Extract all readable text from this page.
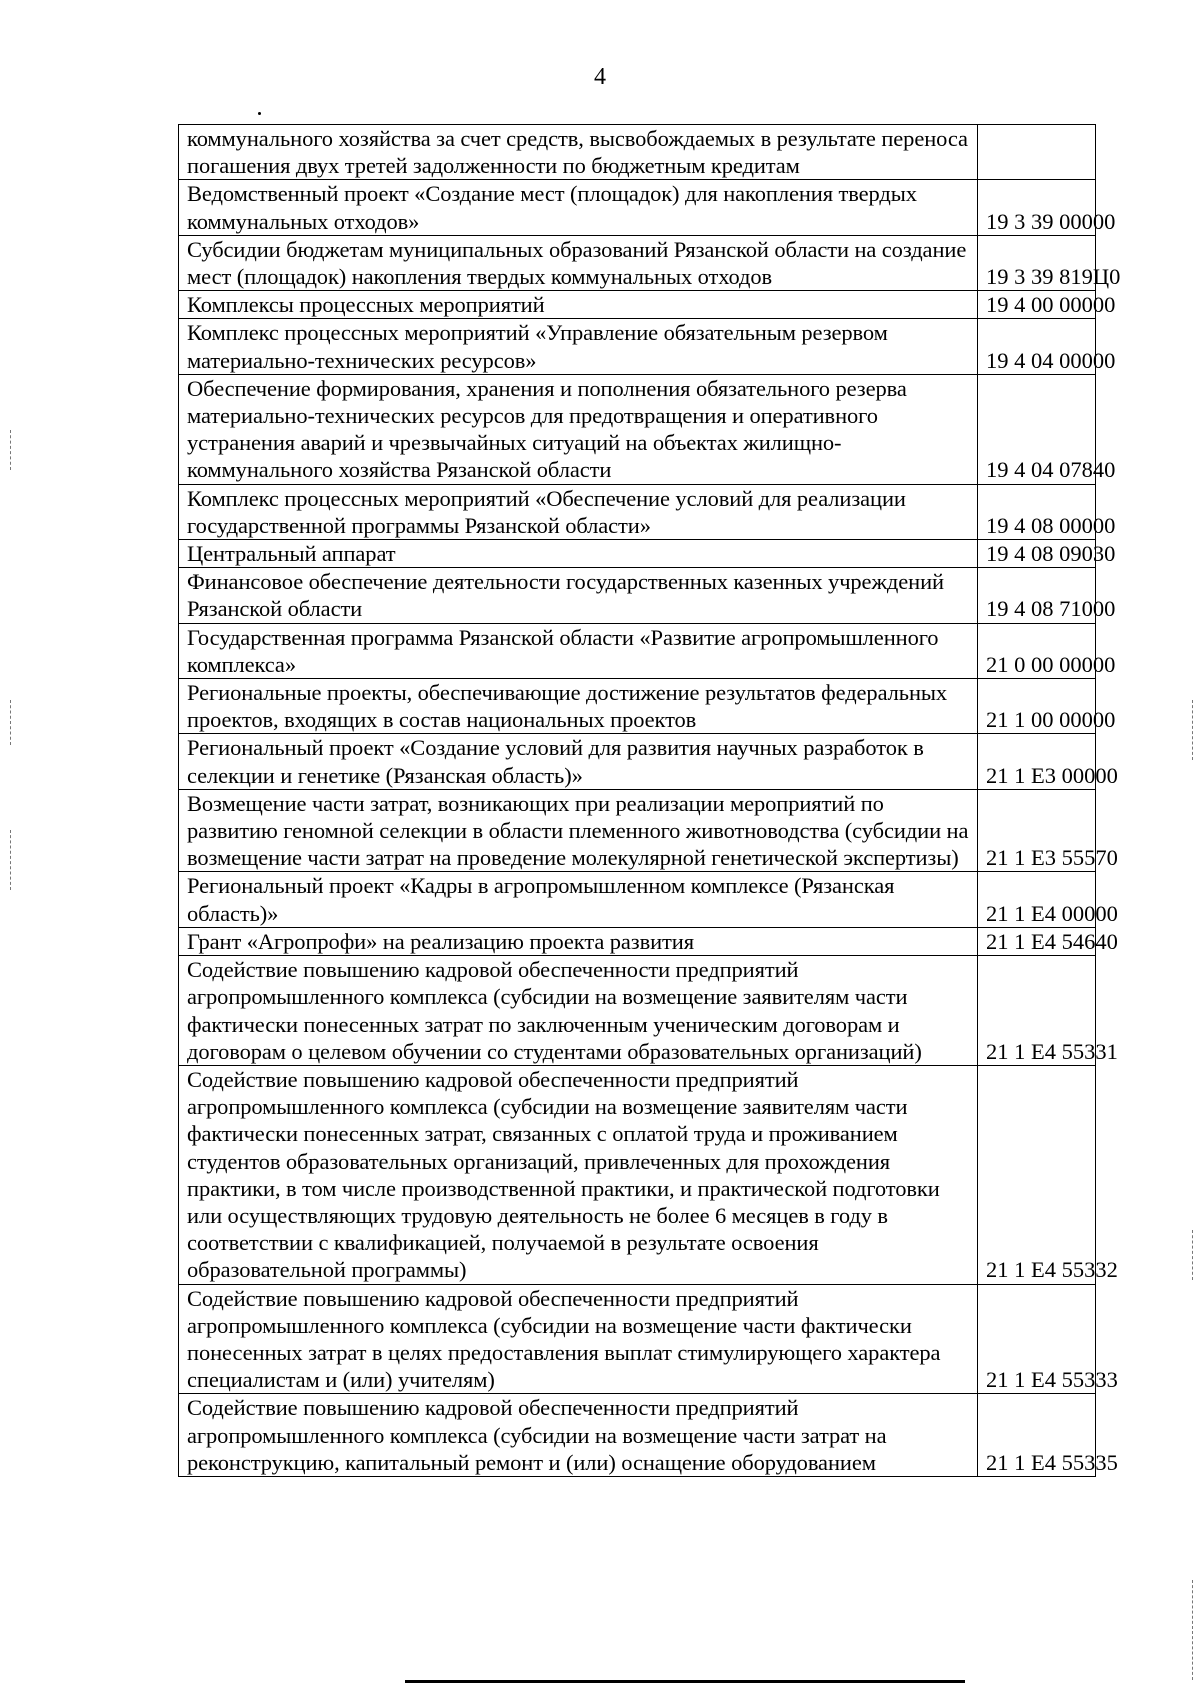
4
коммунального хозяйства за счет средств, высвобождаемых в результате переноса погашения двух третей задолженности по бюджетным кредитам	
Ведомственный проект «Создание мест (площадок) для накопления твердых коммунальных отходов»	19 3 39 00000
Субсидии бюджетам муниципальных образований Рязанской области на создание мест (площадок) накопления твердых коммунальных отходов	19 3 39 819Ц0
Комплексы процессных мероприятий	19 4 00 00000
Комплекс процессных мероприятий «Управление обязательным резервом материально-технических ресурсов»	19 4 04 00000
Обеспечение формирования, хранения и пополнения обязательного резерва материально-технических ресурсов для предотвращения и оперативного устранения аварий и чрезвычайных ситуаций на объектах жилищно-коммунального хозяйства Рязанской области	19 4 04 07840
Комплекс процессных мероприятий «Обеспечение условий для реализации государственной программы Рязанской области»	19 4 08 00000
Центральный аппарат	19 4 08 09030
Финансовое обеспечение деятельности государственных казенных учреждений Рязанской области	19 4 08 71000
Государственная программа Рязанской области «Развитие агропромышленного комплекса»	21 0 00 00000
Региональные проекты, обеспечивающие достижение результатов федеральных проектов, входящих в состав национальных проектов	21 1 00 00000
Региональный проект «Создание условий для развития научных разработок в селекции и генетике (Рязанская область)»	21 1 E3 00000
Возмещение части затрат, возникающих при реализации мероприятий по развитию геномной селекции в области племенного животноводства (субсидии на возмещение части затрат на проведение молекулярной генетической экспертизы)	21 1 E3 55570
Региональный проект «Кадры в агропромышленном комплексе (Рязанская область)»	21 1 E4 00000
Грант «Агропрофи» на реализацию проекта развития	21 1 E4 54640
Содействие повышению кадровой обеспеченности предприятий агропромышленного комплекса (субсидии на возмещение заявителям части фактически понесенных затрат по заключенным ученическим договорам и договорам о целевом обучении со студентами образовательных организаций)	21 1 E4 55331
Содействие повышению кадровой обеспеченности предприятий агропромышленного комплекса (субсидии на возмещение заявителям части фактически понесенных затрат, связанных с оплатой труда и проживанием студентов образовательных организаций, привлеченных для прохождения практики, в том числе производственной практики, и практической подготовки или осуществляющих трудовую деятельность не более 6 месяцев в году в соответствии с квалификацией, получаемой в результате освоения образовательной программы)	21 1 E4 55332
Содействие повышению кадровой обеспеченности предприятий агропромышленного комплекса (субсидии на возмещение части фактически понесенных затрат в целях предоставления выплат стимулирующего характера специалистам и (или) учителям)	21 1 E4 55333
Содействие повышению кадровой обеспеченности предприятий агропромышленного комплекса (субсидии на возмещение части затрат на реконструкцию, капитальный ремонт и (или) оснащение оборудованием	21 1 E4 55335
